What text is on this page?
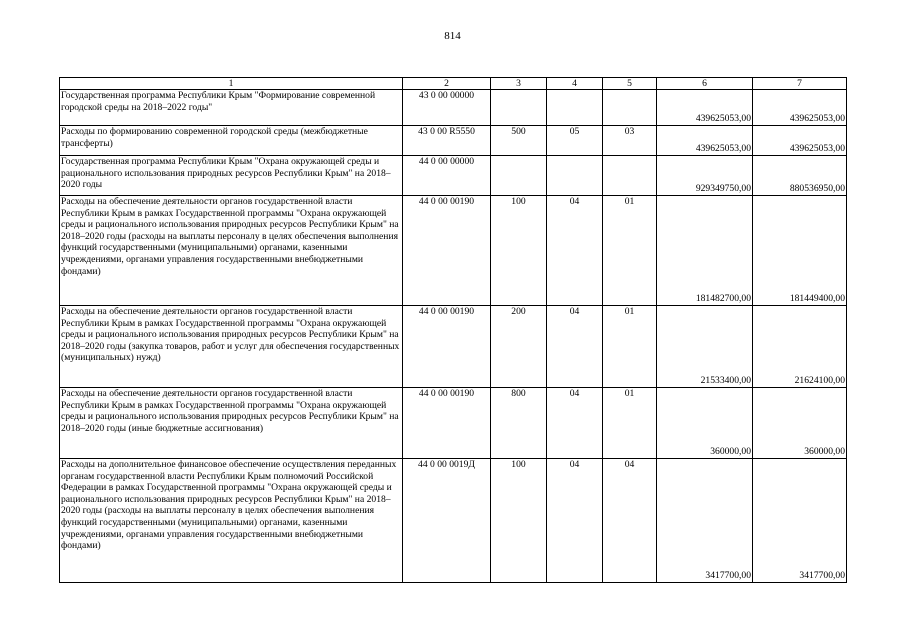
814
1	2	3	4	5	6	7
Государственная программа Республики Крым "Формирование современной городской среды на 2018–2022 годы"	43 0 00 00000				439625053,00	439625053,00
Расходы по формированию современной городской среды (межбюджетные трансферты)	43 0 00 R5550	500	05	03	439625053,00	439625053,00
Государственная программа Республики Крым "Охрана окружающей среды и рационального использования природных ресурсов Республики Крым" на 2018–2020 годы	44 0 00 00000				929349750,00	880536950,00
Расходы на обеспечение деятельности органов государственной власти Республики Крым в рамках Государственной программы "Охрана окружающей среды и рационального использования природных ресурсов Республики Крым" на 2018–2020 годы (расходы на выплаты персоналу в целях обеспечения выполнения функций государственными (муниципальными) органами, казенными учреждениями, органами управления государственными внебюджетными фондами)	44 0 00 00190	100	04	01	181482700,00	181449400,00
Расходы на обеспечение деятельности органов государственной власти Республики Крым в рамках Государственной программы "Охрана окружающей среды и рационального использования природных ресурсов Республики Крым" на 2018–2020 годы (закупка товаров, работ и услуг для обеспечения государственных (муниципальных) нужд)	44 0 00 00190	200	04	01	21533400,00	21624100,00
Расходы на обеспечение деятельности органов государственной власти Республики Крым в рамках Государственной программы "Охрана окружающей среды и рационального использования природных ресурсов Республики Крым" на 2018–2020 годы (иные бюджетные ассигнования)	44 0 00 00190	800	04	01	360000,00	360000,00
Расходы на дополнительное финансовое обеспечение осуществления переданных органам государственной власти Республики Крым полномочий Российской Федерации в рамках Государственной программы "Охрана окружающей среды и рационального использования природных ресурсов Республики Крым" на 2018–2020 годы (расходы на выплаты персоналу в целях обеспечения выполнения функций государственными (муниципальными) органами, казенными учреждениями, органами управления государственными внебюджетными фондами)	44 0 00 0019Д	100	04	04	3417700,00	3417700,00
